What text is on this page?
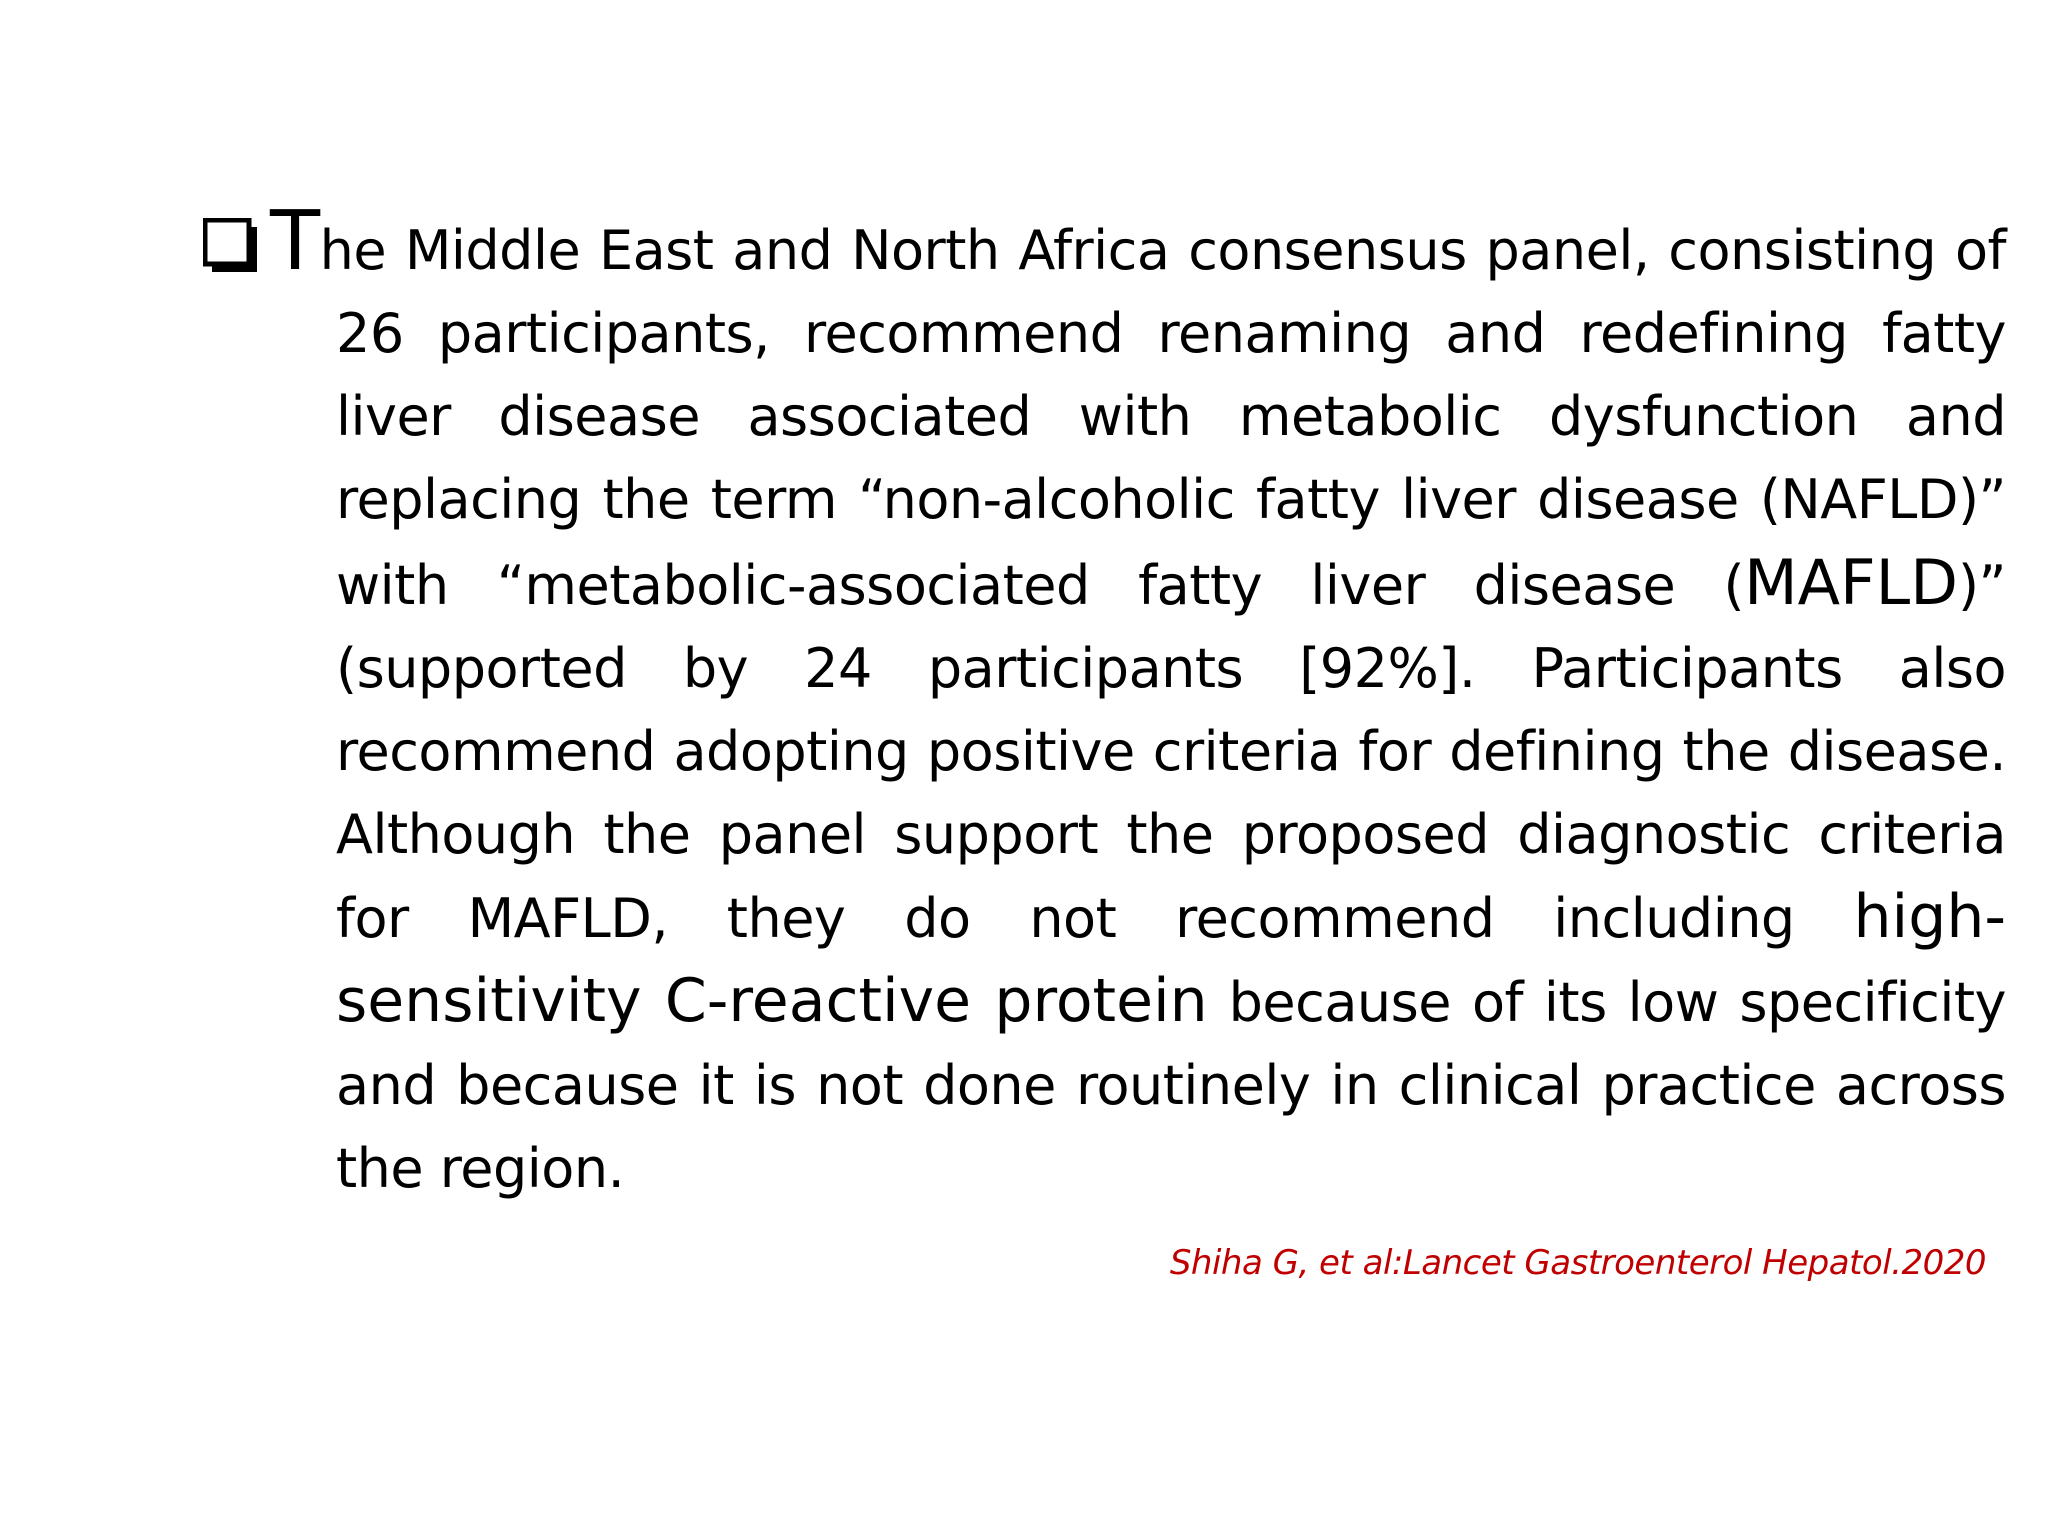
The Middle East and North Africa consensus panel, consisting of 26 participants, recommend renaming and redefining fatty liver disease associated with metabolic dysfunction and replacing the term “non-alcoholic fatty liver disease (NAFLD)” with “metabolic-associated fatty liver disease (MAFLD)” (supported by 24 participants [92%]. Participants also recommend adopting positive criteria for defining the disease. Although the panel support the proposed diagnostic criteria for MAFLD, they do not recommend including high-sensitivity C-reactive protein because of its low specificity and because it is not done routinely in clinical practice across the region.

Shiha G, et al:Lancet Gastroenterol Hepatol.2020
